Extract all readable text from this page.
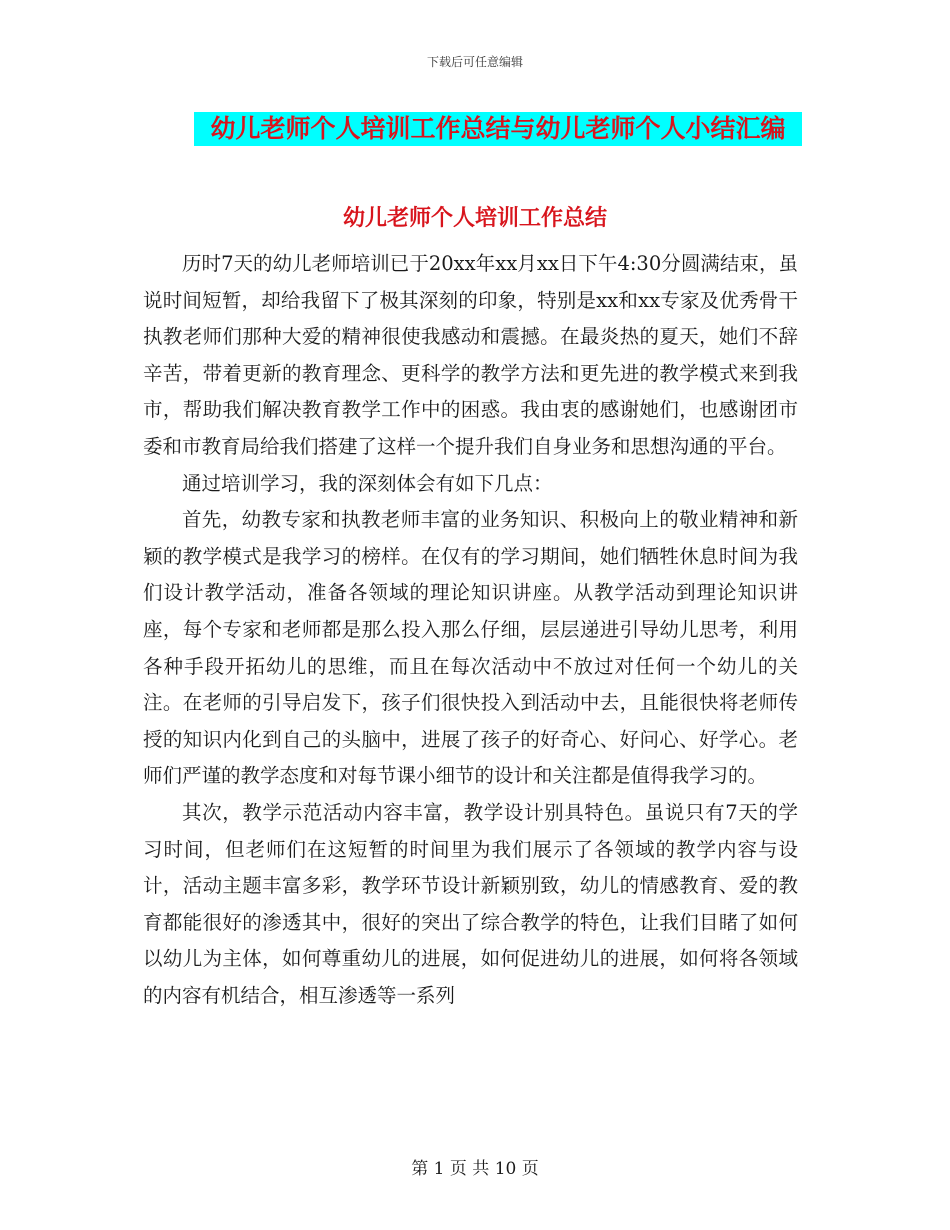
下载后可任意编辑
幼儿老师个人培训工作总结与幼儿老师个人小结汇编
幼儿老师个人培训工作总结

历时7天的幼儿老师培训已于20xx年xx月xx日下午4:30分圆满结束，虽说时间短暂，却给我留下了极其深刻的印象，特别是xx和xx专家及优秀骨干执教老师们那种大爱的精神很使我感动和震撼。在最炎热的夏天，她们不辞辛苦，带着更新的教育理念、更科学的教学方法和更先进的教学模式来到我市，帮助我们解决教育教学工作中的困惑。我由衷的感谢她们，也感谢团市委和市教育局给我们搭建了这样一个提升我们自身业务和思想沟通的平台。

通过培训学习，我的深刻体会有如下几点：

首先，幼教专家和执教老师丰富的业务知识、积极向上的敬业精神和新颖的教学模式是我学习的榜样。在仅有的学习期间，她们牺牲休息时间为我们设计教学活动，准备各领域的理论知识讲座。从教学活动到理论知识讲座，每个专家和老师都是那么投入那么仔细，层层递进引导幼儿思考，利用各种手段开拓幼儿的思维，而且在每次活动中不放过对任何一个幼儿的关注。在老师的引导启发下，孩子们很快投入到活动中去，且能很快将老师传授的知识内化到自己的头脑中，进展了孩子的好奇心、好问心、好学心。老师们严谨的教学态度和对每节课小细节的设计和关注都是值得我学习的。

其次，教学示范活动内容丰富，教学设计别具特色。虽说只有7天的学习时间，但老师们在这短暂的时间里为我们展示了各领域的教学内容与设计，活动主题丰富多彩，教学环节设计新颖别致，幼儿的情感教育、爱的教育都能很好的渗透其中，很好的突出了综合教学的特色，让我们目睹了如何以幼儿为主体，如何尊重幼儿的进展，如何促进幼儿的进展，如何将各领域的内容有机结合，相互渗透等一系列

第 1 页 共 10 页
